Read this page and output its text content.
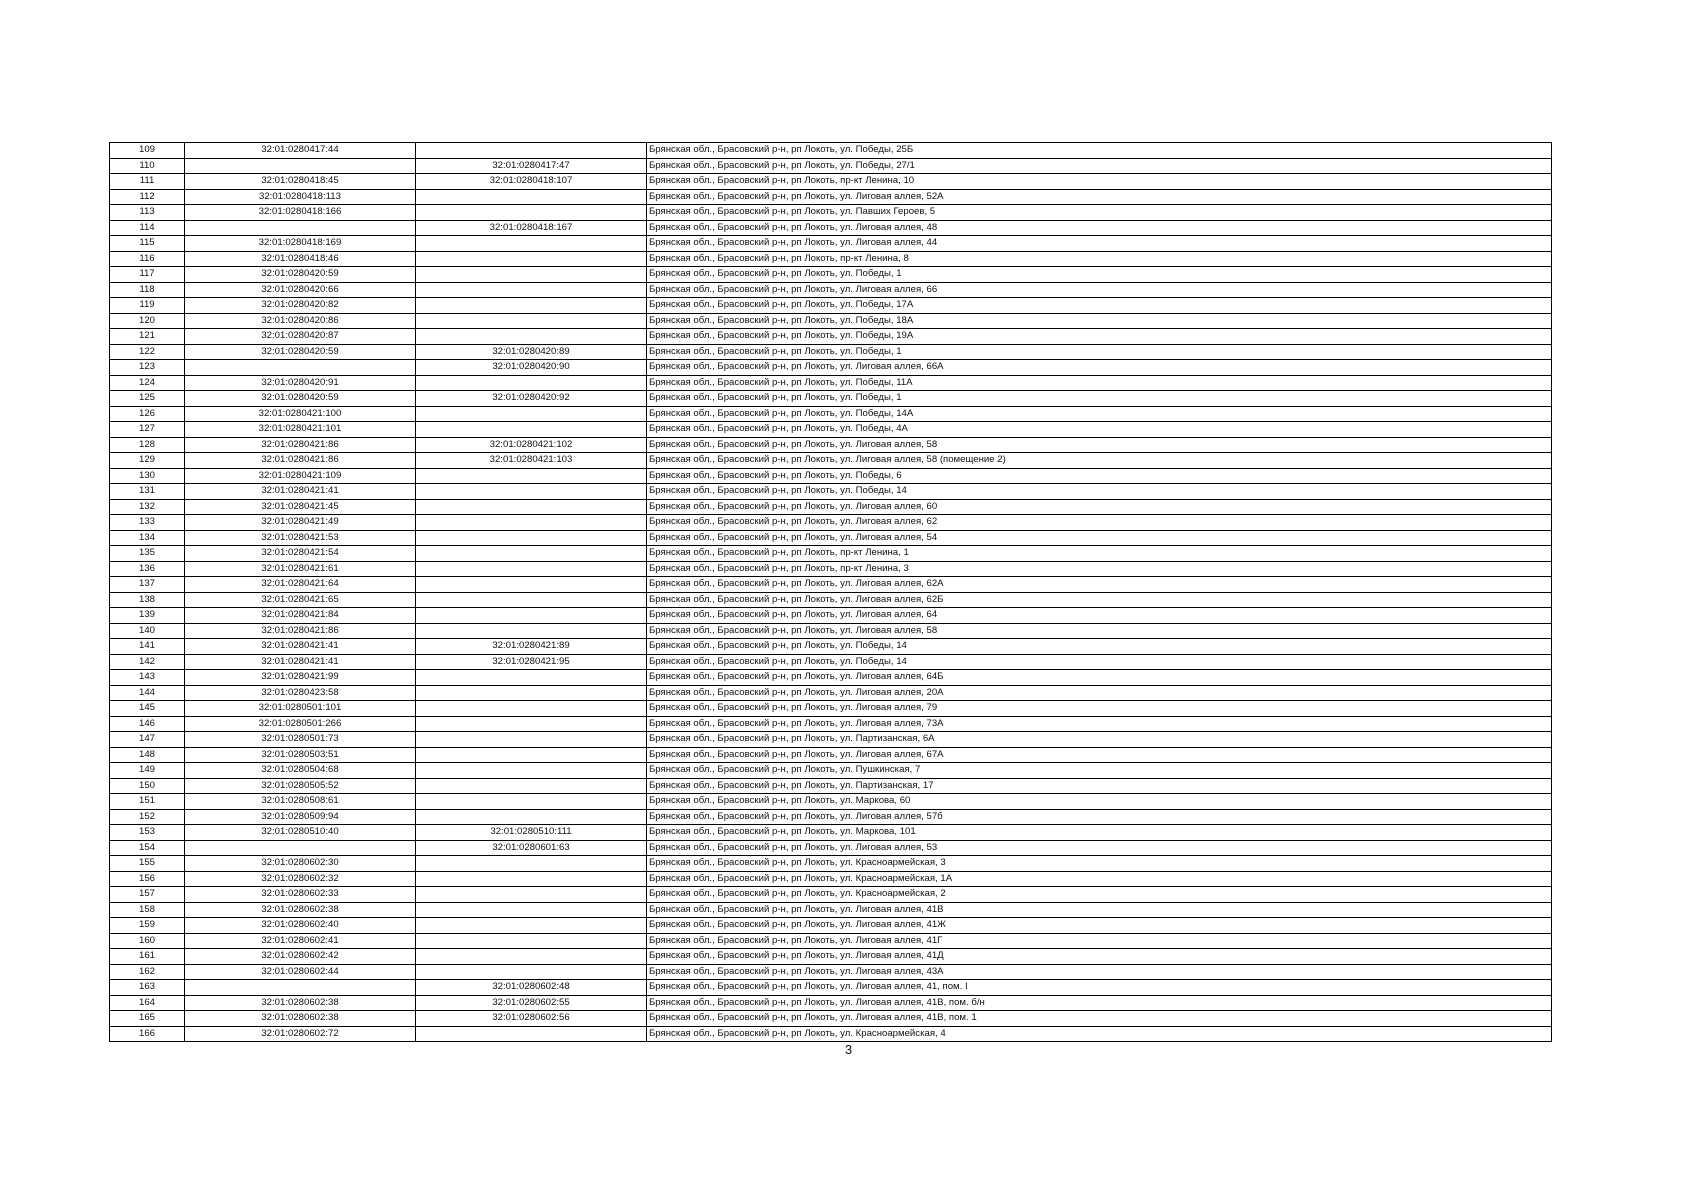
109	32:01:0280417:44		Брянская обл., Брасовский р-н, рп Локоть, ул. Победы, 25Б
110		32:01:0280417:47	Брянская обл., Брасовский р-н, рп Локоть, ул. Победы, 27/1
111	32:01:0280418:45	32:01:0280418:107	Брянская обл., Брасовский р-н, рп Локоть, пр-кт Ленина, 10
112	32:01:0280418:113		Брянская обл., Брасовский р-н, рп Локоть, ул. Лиговая аллея, 52А
113	32:01:0280418:166		Брянская обл., Брасовский р-н, рп Локоть, ул. Павших Героев, 5
114		32:01:0280418:167	Брянская обл., Брасовский р-н, рп Локоть, ул. Лиговая аллея, 48
115	32:01:0280418:169		Брянская обл., Брасовский р-н, рп Локоть, ул. Лиговая аллея, 44
116	32:01:0280418:46		Брянская обл., Брасовский р-н, рп Локоть, пр-кт Ленина, 8
117	32:01:0280420:59		Брянская обл., Брасовский р-н, рп Локоть, ул. Победы, 1
118	32:01:0280420:66		Брянская обл., Брасовский р-н, рп Локоть, ул. Лиговая аллея, 66
119	32:01:0280420:82		Брянская обл., Брасовский р-н, рп Локоть, ул. Победы, 17А
120	32:01:0280420:86		Брянская обл., Брасовский р-н, рп Локоть, ул. Победы, 18А
121	32:01:0280420:87		Брянская обл., Брасовский р-н, рп Локоть, ул. Победы, 19А
122	32:01:0280420:59	32:01:0280420:89	Брянская обл., Брасовский р-н, рп Локоть, ул. Победы, 1
123		32:01:0280420:90	Брянская обл., Брасовский р-н, рп Локоть, ул. Лиговая аллея, 66А
124	32:01:0280420:91		Брянская обл., Брасовский р-н, рп Локоть, ул. Победы, 11А
125	32:01:0280420:59	32:01:0280420:92	Брянская обл., Брасовский р-н, рп Локоть, ул. Победы, 1
126	32:01:0280421:100		Брянская обл., Брасовский р-н, рп Локоть, ул. Победы, 14А
127	32:01:0280421:101		Брянская обл., Брасовский р-н, рп Локоть, ул. Победы, 4А
128	32:01:0280421:86	32:01:0280421:102	Брянская обл., Брасовский р-н, рп Локоть, ул. Лиговая аллея, 58
129	32:01:0280421:86	32:01:0280421:103	Брянская обл., Брасовский р-н, рп Локоть, ул. Лиговая аллея, 58 (помещение 2)
130	32:01:0280421:109		Брянская обл., Брасовский р-н, рп Локоть, ул. Победы, 6
131	32:01:0280421:41		Брянская обл., Брасовский р-н, рп Локоть, ул. Победы, 14
132	32:01:0280421:45		Брянская обл., Брасовский р-н, рп Локоть, ул. Лиговая аллея, 60
133	32:01:0280421:49		Брянская обл., Брасовский р-н, рп Локоть, ул. Лиговая аллея, 62
134	32:01:0280421:53		Брянская обл., Брасовский р-н, рп Локоть, ул. Лиговая аллея, 54
135	32:01:0280421:54		Брянская обл., Брасовский р-н, рп Локоть, пр-кт Ленина, 1
136	32:01:0280421:61		Брянская обл., Брасовский р-н, рп Локоть, пр-кт Ленина, 3
137	32:01:0280421:64		Брянская обл., Брасовский р-н, рп Локоть, ул. Лиговая аллея, 62А
138	32:01:0280421:65		Брянская обл., Брасовский р-н, рп Локоть, ул. Лиговая аллея, 62Б
139	32:01:0280421:84		Брянская обл., Брасовский р-н, рп Локоть, ул. Лиговая аллея, 64
140	32:01:0280421:86		Брянская обл., Брасовский р-н, рп Локоть, ул. Лиговая аллея, 58
141	32:01:0280421:41	32:01:0280421:89	Брянская обл., Брасовский р-н, рп Локоть, ул. Победы, 14
142	32:01:0280421:41	32:01:0280421:95	Брянская обл., Брасовский р-н, рп Локоть, ул. Победы, 14
143	32:01:0280421:99		Брянская обл., Брасовский р-н, рп Локоть, ул. Лиговая аллея, 64Б
144	32:01:0280423:58		Брянская обл., Брасовский р-н, рп Локоть, ул. Лиговая аллея, 20А
145	32:01:0280501:101		Брянская обл., Брасовский р-н, рп Локоть, ул. Лиговая аллея, 79
146	32:01:0280501:266		Брянская обл., Брасовский р-н, рп Локоть, ул. Лиговая аллея, 73А
147	32:01:0280501:73		Брянская обл., Брасовский р-н, рп Локоть, ул. Партизанская, 6А
148	32:01:0280503:51		Брянская обл., Брасовский р-н, рп Локоть, ул. Лиговая аллея, 67А
149	32:01:0280504:68		Брянская обл., Брасовский р-н, рп Локоть, ул. Пушкинская, 7
150	32:01:0280505:52		Брянская обл., Брасовский р-н, рп Локоть, ул. Партизанская, 17
151	32:01:0280508:61		Брянская обл., Брасовский р-н, рп Локоть, ул. Маркова, 60
152	32:01:0280509:94		Брянская обл., Брасовский р-н, рп Локоть, ул. Лиговая аллея, 57б
153	32:01:0280510:40	32:01:0280510:111	Брянская обл., Брасовский р-н, рп Локоть, ул. Маркова, 101
154		32:01:0280601:63	Брянская обл., Брасовский р-н, рп Локоть, ул. Лиговая аллея, 53
155	32:01:0280602:30		Брянская обл., Брасовский р-н, рп Локоть, ул. Красноармейская, 3
156	32:01:0280602:32		Брянская обл., Брасовский р-н, рп Локоть, ул. Красноармейская, 1А
157	32:01:0280602:33		Брянская обл., Брасовский р-н, рп Локоть, ул. Красноармейская, 2
158	32:01:0280602:38		Брянская обл., Брасовский р-н, рп Локоть, ул. Лиговая аллея, 41В
159	32:01:0280602:40		Брянская обл., Брасовский р-н, рп Локоть, ул. Лиговая аллея, 41Ж
160	32:01:0280602:41		Брянская обл., Брасовский р-н, рп Локоть, ул. Лиговая аллея, 41Г
161	32:01:0280602:42		Брянская обл., Брасовский р-н, рп Локоть, ул. Лиговая аллея, 41Д
162	32:01:0280602:44		Брянская обл., Брасовский р-н, рп Локоть, ул. Лиговая аллея, 43А
163		32:01:0280602:48	Брянская обл., Брасовский р-н, рп Локоть, ул. Лиговая аллея, 41, пом. I
164	32:01:0280602:38	32:01:0280602:55	Брянская обл., Брасовский р-н, рп Локоть, ул. Лиговая аллея, 41В, пом. б/н
165	32:01:0280602:38	32:01:0280602:56	Брянская обл., Брасовский р-н, рп Локоть, ул. Лиговая аллея, 41В, пом. 1
166	32:01:0280602:72		Брянская обл., Брасовский р-н, рп Локоть, ул. Красноармейская, 4
3
